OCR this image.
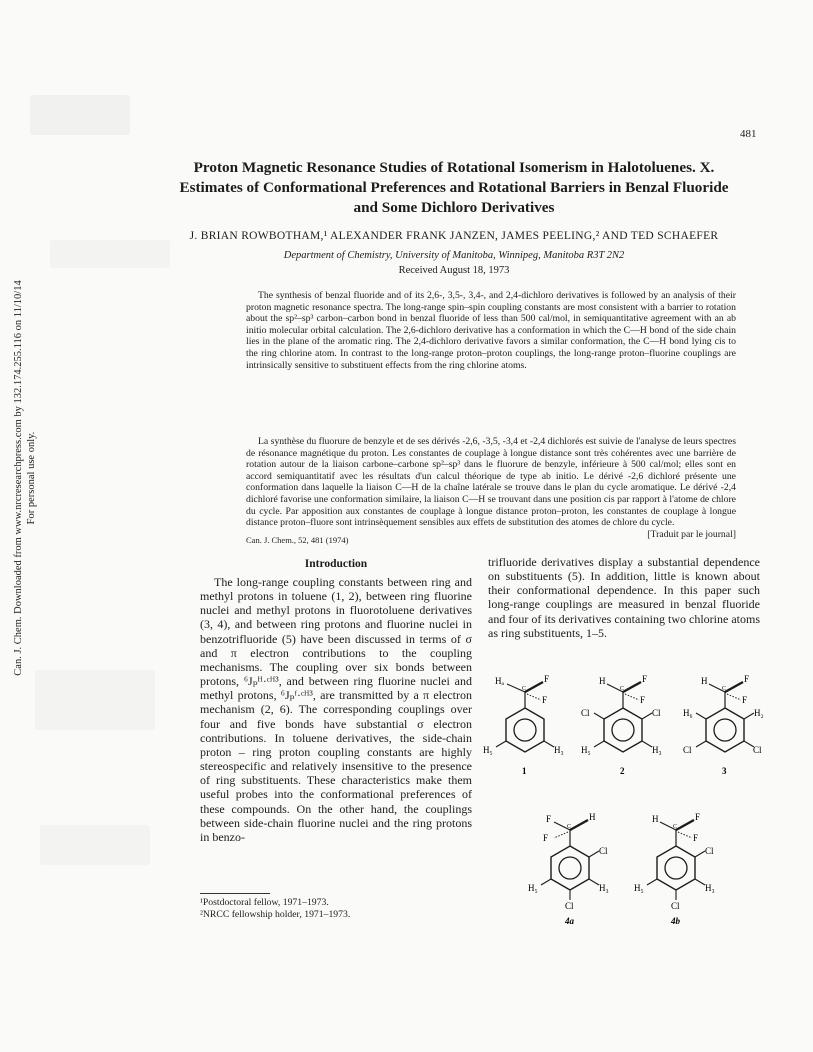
Can. J. Chem. Downloaded from www.nrcresearchpress.com by 132.174.255.116 on 11/10/14 For personal use only.
481
Proton Magnetic Resonance Studies of Rotational Isomerism in Halotoluenes. X. Estimates of Conformational Preferences and Rotational Barriers in Benzal Fluoride and Some Dichloro Derivatives
J. BRIAN ROWBOTHAM,¹ ALEXANDER FRANK JANZEN, JAMES PEELING,² AND TED SCHAEFER
Department of Chemistry, University of Manitoba, Winnipeg, Manitoba R3T 2N2
Received August 18, 1973

The synthesis of benzal fluoride and of its 2,6-, 3,5-, 3,4-, and 2,4-dichloro derivatives is followed by an analysis of their proton magnetic resonance spectra. The long-range spin–spin coupling constants are most consistent with a barrier to rotation about the sp²–sp³ carbon–carbon bond in benzal fluoride of less than 500 cal/mol, in semiquantitative agreement with an ab initio molecular orbital calculation. The 2,6-dichloro derivative has a conformation in which the C—H bond of the side chain lies in the plane of the aromatic ring. The 2,4-dichloro derivative favors a similar conformation, the C—H bond lying cis to the ring chlorine atom. In contrast to the long-range proton–proton couplings, the long-range proton–fluorine couplings are intrinsically sensitive to substituent effects from the ring chlorine atoms.

La synthèse du fluorure de benzyle et de ses dérivés -2,6, -3,5, -3,4 et -2,4 dichlorés est suivie de l'analyse de leurs spectres de résonance magnétique du proton. Les constantes de couplage à longue distance sont très cohérentes avec une barrière de rotation autour de la liaison carbone–carbone sp²–sp³ dans le fluorure de benzyle, inférieure à 500 cal/mol; elles sont en accord semiquantitatif avec les résultats d'un calcul théorique de type ab initio. Le dérivé -2,6 dichloré présente une conformation dans laquelle la liaison C—H de la chaîne latérale se trouve dans le plan du cycle aromatique. Le dérivé -2,4 dichloré favorise une conformation similaire, la liaison C—H se trouvant dans une position cis par rapport à l'atome de chlore du cycle. Par apposition aux constantes de couplage à longue distance proton–proton, les constantes de couplage à longue distance proton–fluore sont intrinsèquement sensibles aux effets de substitution des atomes de chlore du cycle.
[Traduit par le journal]

Can. J. Chem., 52, 481 (1974)
Introduction

The long-range coupling constants between ring and methyl protons in toluene (1, 2), between ring fluorine nuclei and methyl protons in fluorotoluene derivatives (3, 4), and between ring protons and fluorine nuclei in benzotrifluoride (5) have been discussed in terms of σ and π electron contributions to the coupling mechanisms. The coupling over six bonds between protons, ⁶Jₚᴴ·ᶜᴴ³, and between ring fluorine nuclei and methyl protons, ⁶Jₚᶠ·ᶜᴴ³, are transmitted by a π electron mechanism (2, 6). The corresponding couplings over four and five bonds have substantial σ electron contributions. In toluene derivatives, the side-chain proton – ring proton coupling constants are highly stereospecific and relatively insensitive to the presence of ring substituents. These characteristics make them useful probes into the conformational preferences of these compounds. On the other hand, the couplings between side-chain fluorine nuclei and the ring protons in benzo-

trifluoride derivatives display a substantial dependence on substituents (5). In addition, little is known about their conformational dependence. In this paper such long-range couplings are measured in benzal fluoride and four of its derivatives containing two chlorine atoms as ring substituents, 1–5.

¹Postdoctoral fellow, 1971–1973.
²NRCC fellowship holder, 1971–1973.
Hₐ	F
F
C
H₃
H₅
1
H	F
F
C
Cl	Cl
H₃
H₅
2
H	F
F
C
H₆	H₂
Cl
Cl
3
F	H
F
C
Cl
H₃
H₅
Cl
4a
H	F
F
C
Cl
H₃
H₅
Cl
4b
